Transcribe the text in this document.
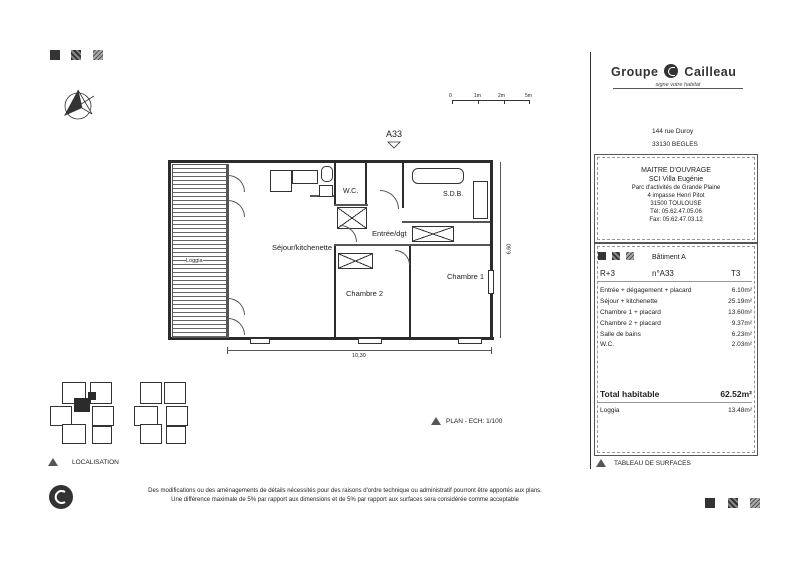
0	1m	2m	5m
A33
Séjour/kitchenette
W.C.	S.D.B.
Entrée/dgt
Chambre 1
Chambre 2
Loggia
10,30
6,60
PLAN - ECH: 1/100
LOCALISATION
Groupe Cailleau
signe votre habitat
144 rue Duroy
33130 BEGLES
MAITRE D'OUVRAGE
SCI Villa Eugénie
Parc d'activités de Grande Plaine
4 impasse Henri Pitot
31500 TOULOUSE
Tél: 05.62.47.05.06
Fax: 05.62.47.03.12
Bâtiment A
R+3	n°A33	T3
Entrée + dégagement + placard	6.10m²
Séjour + kitchenette	25.19m²
Chambre 1 + placard	13.60m²
Chambre 2 + placard	9.37m²
Salle de bains	6.23m²
W.C.	2.03m²
Total habitable	62.52m²
Loggia	13.48m²
TABLEAU DE SURFACES
Des modifications ou des aménagements de détails nécessités pour des raisons d'ordre technique ou administratif pourront être apportés aux plans.
Une différence maximale de 5% par rapport aux dimensions et de 5% par rapport aux surfaces sera considérée comme acceptable
